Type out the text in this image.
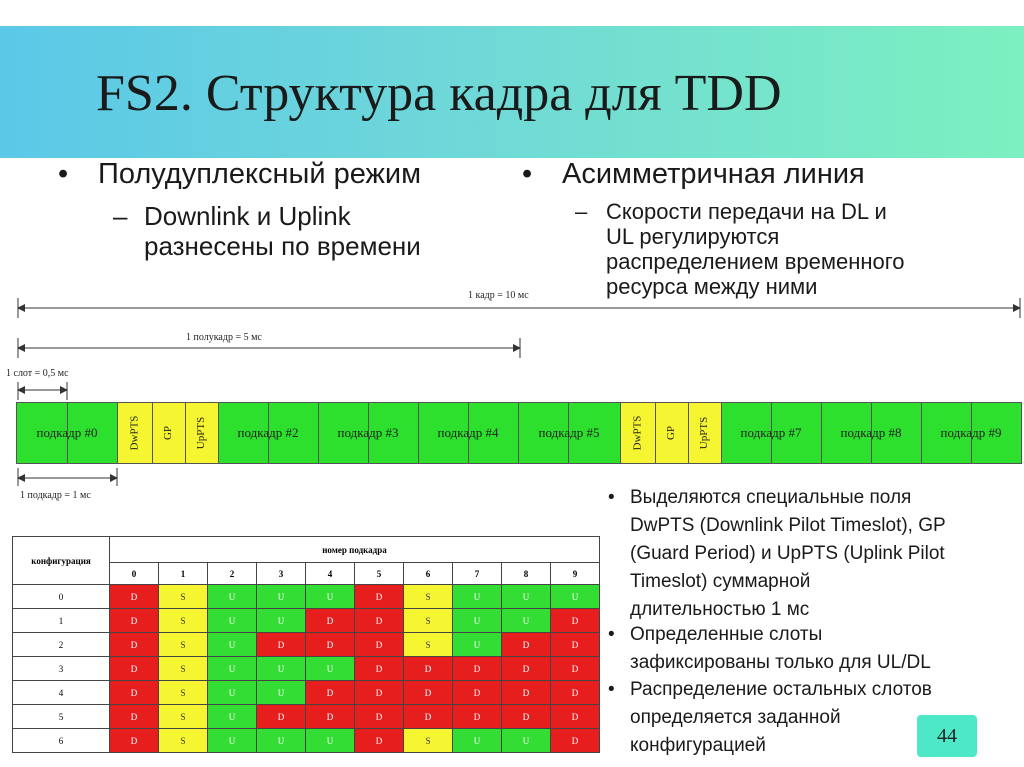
FS2. Структура кадра для TDD
• Полудуплексный режим
– Downlink и Uplink
разнесены по времени
• Асимметричная линия
– Скорости передачи на DL и
UL регулируются
распределением временного
ресурса между ними
1 кадр = 10 мс
1 полукадр = 5 мс
1 слот = 0,5 мс
1 подкадр = 1 мс
подкадр #0	DwPTS GP UpPTS	подкадр #2	подкадр #3	подкадр #4	подкадр #5	DwPTS GP UpPTS	подкадр #7	подкадр #8	подкадр #9
конфигурация	номер подкадра									
	0	1	2	3	4	5	6	7	8	9
0	D	S	U	U	U	D	S	U	U	U
1	D	S	U	U	D	D	S	U	U	D
2	D	S	U	D	D	D	S	U	D	D
3	D	S	U	U	U	D	D	D	D	D
4	D	S	U	U	D	D	D	D	D	D
5	D	S	U	D	D	D	D	D	D	D
6	D	S	U	U	U	D	S	U	U	D
• Выделяются специальные поля
DwPTS (Downlink Pilot Timeslot), GP
(Guard Period) и UpPTS (Uplink Pilot
Timeslot) суммарной
длительностью 1 мс
• Определенные слоты
зафиксированы только для UL/DL
• Распределение остальных слотов
определяется заданной
конфигурацией	44
